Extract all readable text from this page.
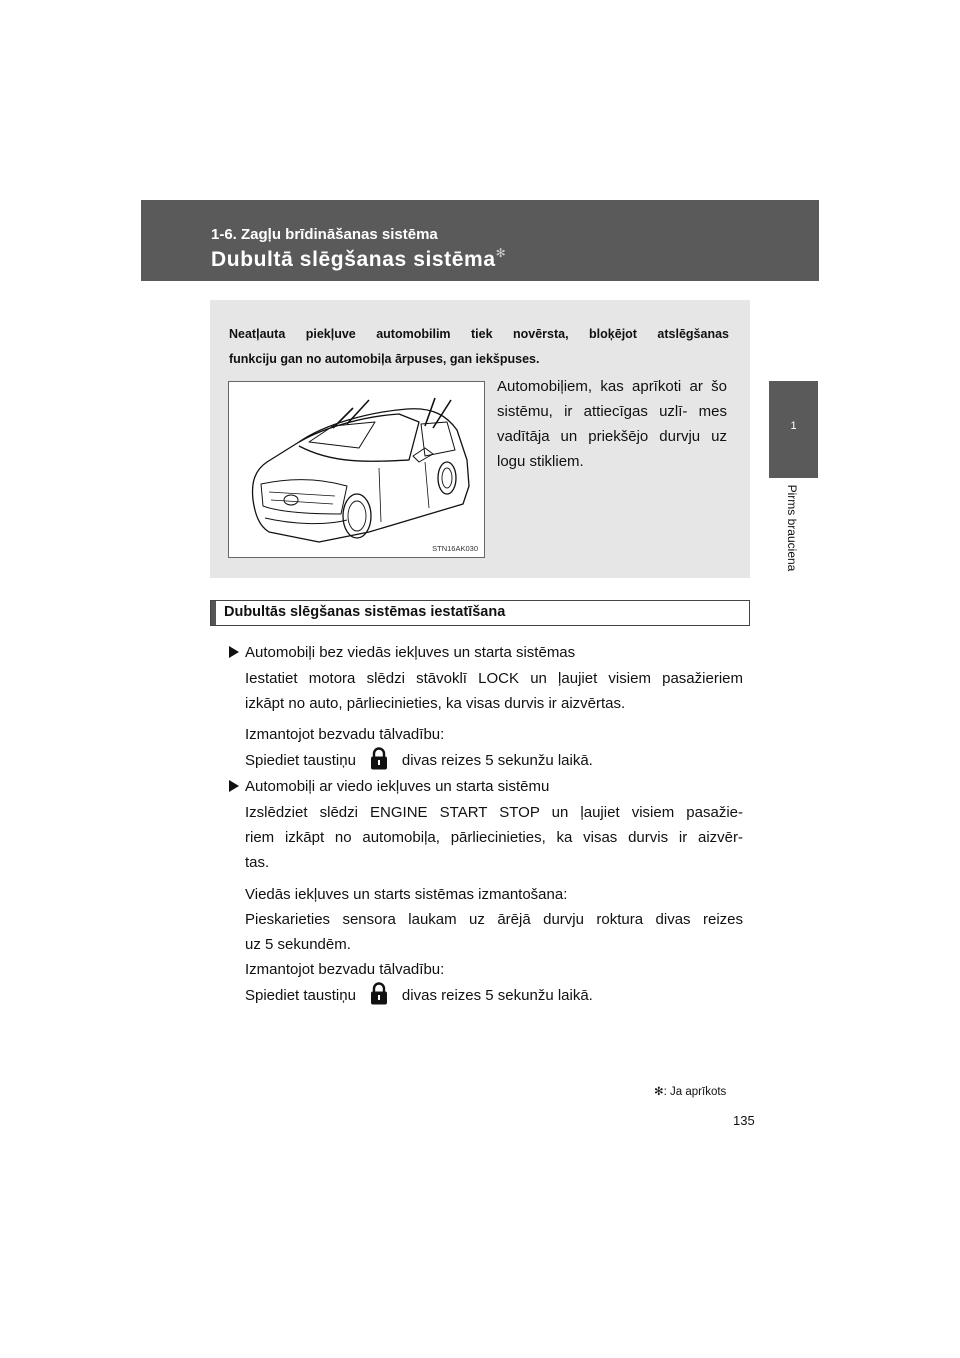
1-6. Zagļu brīdināšanas sistēma
Dubultā slēgšanas sistēma✻
1
Pirms brauciena
Neatļauta piekļuve automobilim tiek novērsta, bloķējot atslēgšanas
funkciju gan no automobiļa ārpuses, gan iekšpuses.
STN16AK030
Automobiļiem, kas aprīkoti ar šo sistēmu, ir attiecīgas uzlī- mes vadītāja un priekšējo durvju uz logu stikliem.
Dubultās slēgšanas sistēmas iestatīšana
Automobiļi bez viedās iekļuves un starta sistēmas
Iestatiet motora slēdzi stāvoklī LOCK un ļaujiet visiem pasažieriem
izkāpt no auto, pārliecinieties, ka visas durvis ir aizvērtas.
Izmantojot bezvadu tālvadību:
Spiediet taustiņu	divas reizes 5 sekunžu laikā.
Automobiļi ar viedo iekļuves un starta sistēmu
Izslēdziet slēdzi ENGINE START STOP un ļaujiet visiem pasažie-
riem izkāpt no automobiļa, pārliecinieties, ka visas durvis ir aizvēr-
tas.
Viedās iekļuves un starts sistēmas izmantošana:
Pieskarieties sensora laukam uz ārējā durvju roktura divas reizes
uz 5 sekundēm.
Izmantojot bezvadu tālvadību:
Spiediet taustiņu	divas reizes 5 sekunžu laikā.
✻: Ja aprīkots
135
